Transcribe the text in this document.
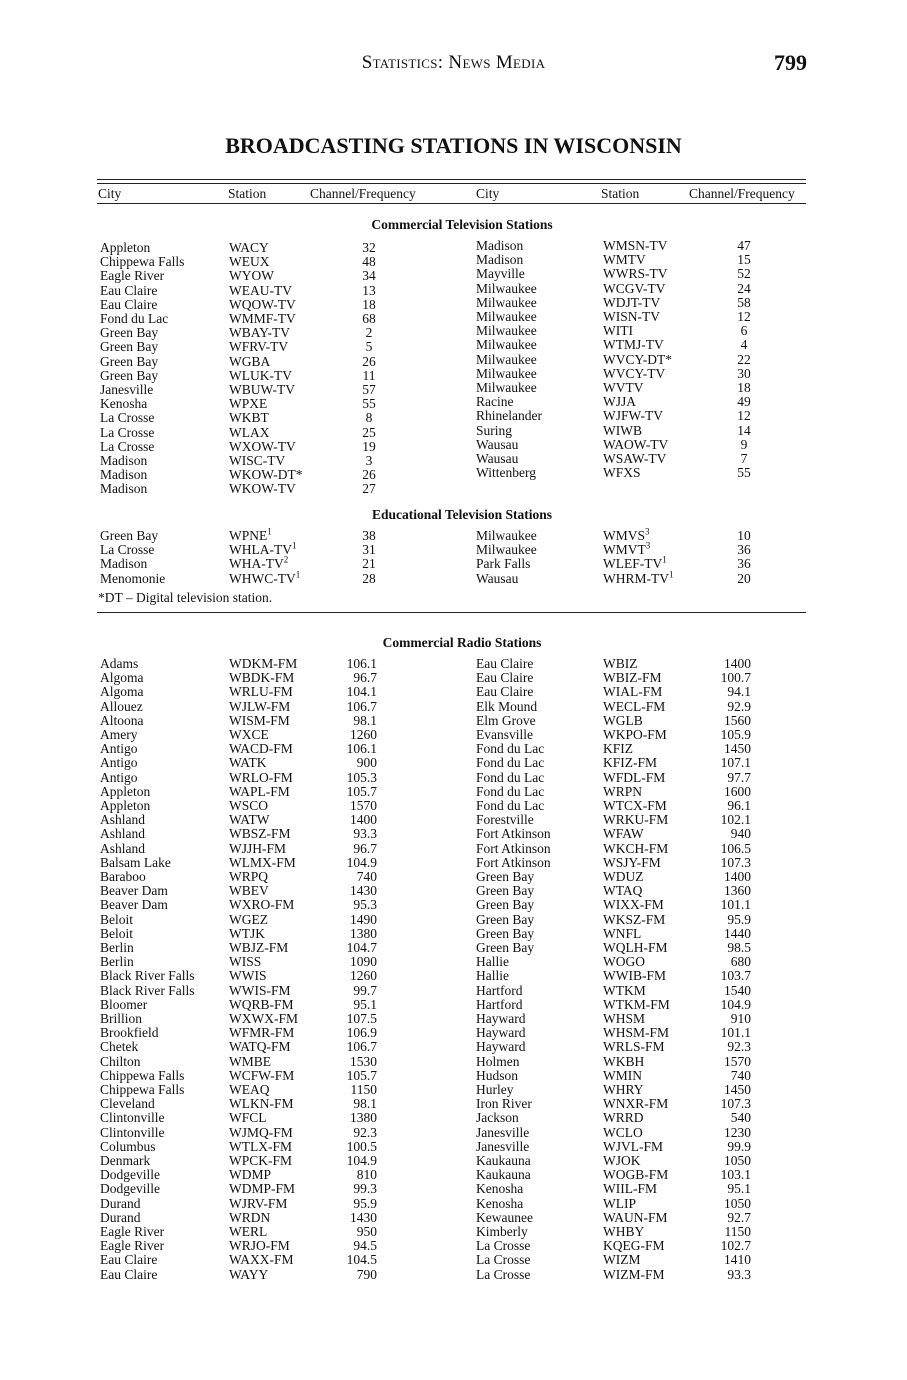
Statistics: News Media	799
BROADCASTING STATIONS IN WISCONSIN
City	Station	Channel/Frequency	City	Station	Channel/Frequency
Commercial Television Stations
Appleton	WACY	32
Chippewa Falls	WEUX	48
Eagle River	WYOW	34
Eau Claire	WEAU-TV	13
Eau Claire	WQOW-TV	18
Fond du Lac	WMMF-TV	68
Green Bay	WBAY-TV	2
Green Bay	WFRV-TV	5
Green Bay	WGBA	26
Green Bay	WLUK-TV	11
Janesville	WBUW-TV	57
Kenosha	WPXE	55
La Crosse	WKBT	8
La Crosse	WLAX	25
La Crosse	WXOW-TV	19
Madison	WISC-TV	3
Madison	WKOW-DT*	26
Madison	WKOW-TV	27
Madison	WMSN-TV	47
Madison	WMTV	15
Mayville	WWRS-TV	52
Milwaukee	WCGV-TV	24
Milwaukee	WDJT-TV	58
Milwaukee	WISN-TV	12
Milwaukee	WITI	6
Milwaukee	WTMJ-TV	4
Milwaukee	WVCY-DT*	22
Milwaukee	WVCY-TV	30
Milwaukee	WVTV	18
Racine	WJJA	49
Rhinelander	WJFW-TV	12
Suring	WIWB	14
Wausau	WAOW-TV	9
Wausau	WSAW-TV	7
Wittenberg	WFXS	55
Educational Television Stations
Green Bay	WPNE$^1$	38
La Crosse	WHLA-$TV^1$	31
Madison	WHA-$TV^2$	21
Menomonie	WHWC-$TV^1$	28
Milwaukee	WMVS$^3$	10
Milwaukee	WMVT$^3$	36
Park Falls	WLEF-$TV^1$	36
Wausau	WHRM-$TV^1$	20
*DT – Digital television station.
Commercial Radio Stations
Adams	WDKM-FM	106.1
Algoma	WBDK-FM	96.7
Algoma	WRLU-FM	104.1
Allouez	WJLW-FM	106.7
Altoona	WISM-FM	98.1
Amery	WXCE	1260
Antigo	WACD-FM	106.1
Antigo	WATK	900
Antigo	WRLO-FM	105.3
Appleton	WAPL-FM	105.7
Appleton	WSCO	1570
Ashland	WATW	1400
Ashland	WBSZ-FM	93.3
Ashland	WJJH-FM	96.7
Balsam Lake	WLMX-FM	104.9
Baraboo	WRPQ	740
Beaver Dam	WBEV	1430
Beaver Dam	WXRO-FM	95.3
Beloit	WGEZ	1490
Beloit	WTJK	1380
Berlin	WBJZ-FM	104.7
Berlin	WISS	1090
Black River Falls	WWIS	1260
Black River Falls	WWIS-FM	99.7
Bloomer	WQRB-FM	95.1
Brillion	WXWX-FM	107.5
Brookfield	WFMR-FM	106.9
Chetek	WATQ-FM	106.7
Chilton	WMBE	1530
Chippewa Falls	WCFW-FM	105.7
Chippewa Falls	WEAQ	1150
Cleveland	WLKN-FM	98.1
Clintonville	WFCL	1380
Clintonville	WJMQ-FM	92.3
Columbus	WTLX-FM	100.5
Denmark	WPCK-FM	104.9
Dodgeville	WDMP	810
Dodgeville	WDMP-FM	99.3
Durand	WJRV-FM	95.9
Durand	WRDN	1430
Eagle River	WERL	950
Eagle River	WRJO-FM	94.5
Eau Claire	WAXX-FM	104.5
Eau Claire	WAYY	790
Eau Claire	WBIZ	1400
Eau Claire	WBIZ-FM	100.7
Eau Claire	WIAL-FM	94.1
Elk Mound	WECL-FM	92.9
Elm Grove	WGLB	1560
Evansville	WKPO-FM	105.9
Fond du Lac	KFIZ	1450
Fond du Lac	KFIZ-FM	107.1
Fond du Lac	WFDL-FM	97.7
Fond du Lac	WRPN	1600
Fond du Lac	WTCX-FM	96.1
Forestville	WRKU-FM	102.1
Fort Atkinson	WFAW	940
Fort Atkinson	WKCH-FM	106.5
Fort Atkinson	WSJY-FM	107.3
Green Bay	WDUZ	1400
Green Bay	WTAQ	1360
Green Bay	WIXX-FM	101.1
Green Bay	WKSZ-FM	95.9
Green Bay	WNFL	1440
Green Bay	WQLH-FM	98.5
Hallie	WOGO	680
Hallie	WWIB-FM	103.7
Hartford	WTKM	1540
Hartford	WTKM-FM	104.9
Hayward	WHSM	910
Hayward	WHSM-FM	101.1
Hayward	WRLS-FM	92.3
Holmen	WKBH	1570
Hudson	WMIN	740
Hurley	WHRY	1450
Iron River	WNXR-FM	107.3
Jackson	WRRD	540
Janesville	WCLO	1230
Janesville	WJVL-FM	99.9
Kaukauna	WJOK	1050
Kaukauna	WOGB-FM	103.1
Kenosha	WIIL-FM	95.1
Kenosha	WLIP	1050
Kewaunee	WAUN-FM	92.7
Kimberly	WHBY	1150
La Crosse	KQEG-FM	102.7
La Crosse	WIZM	1410
La Crosse	WIZM-FM	93.3
